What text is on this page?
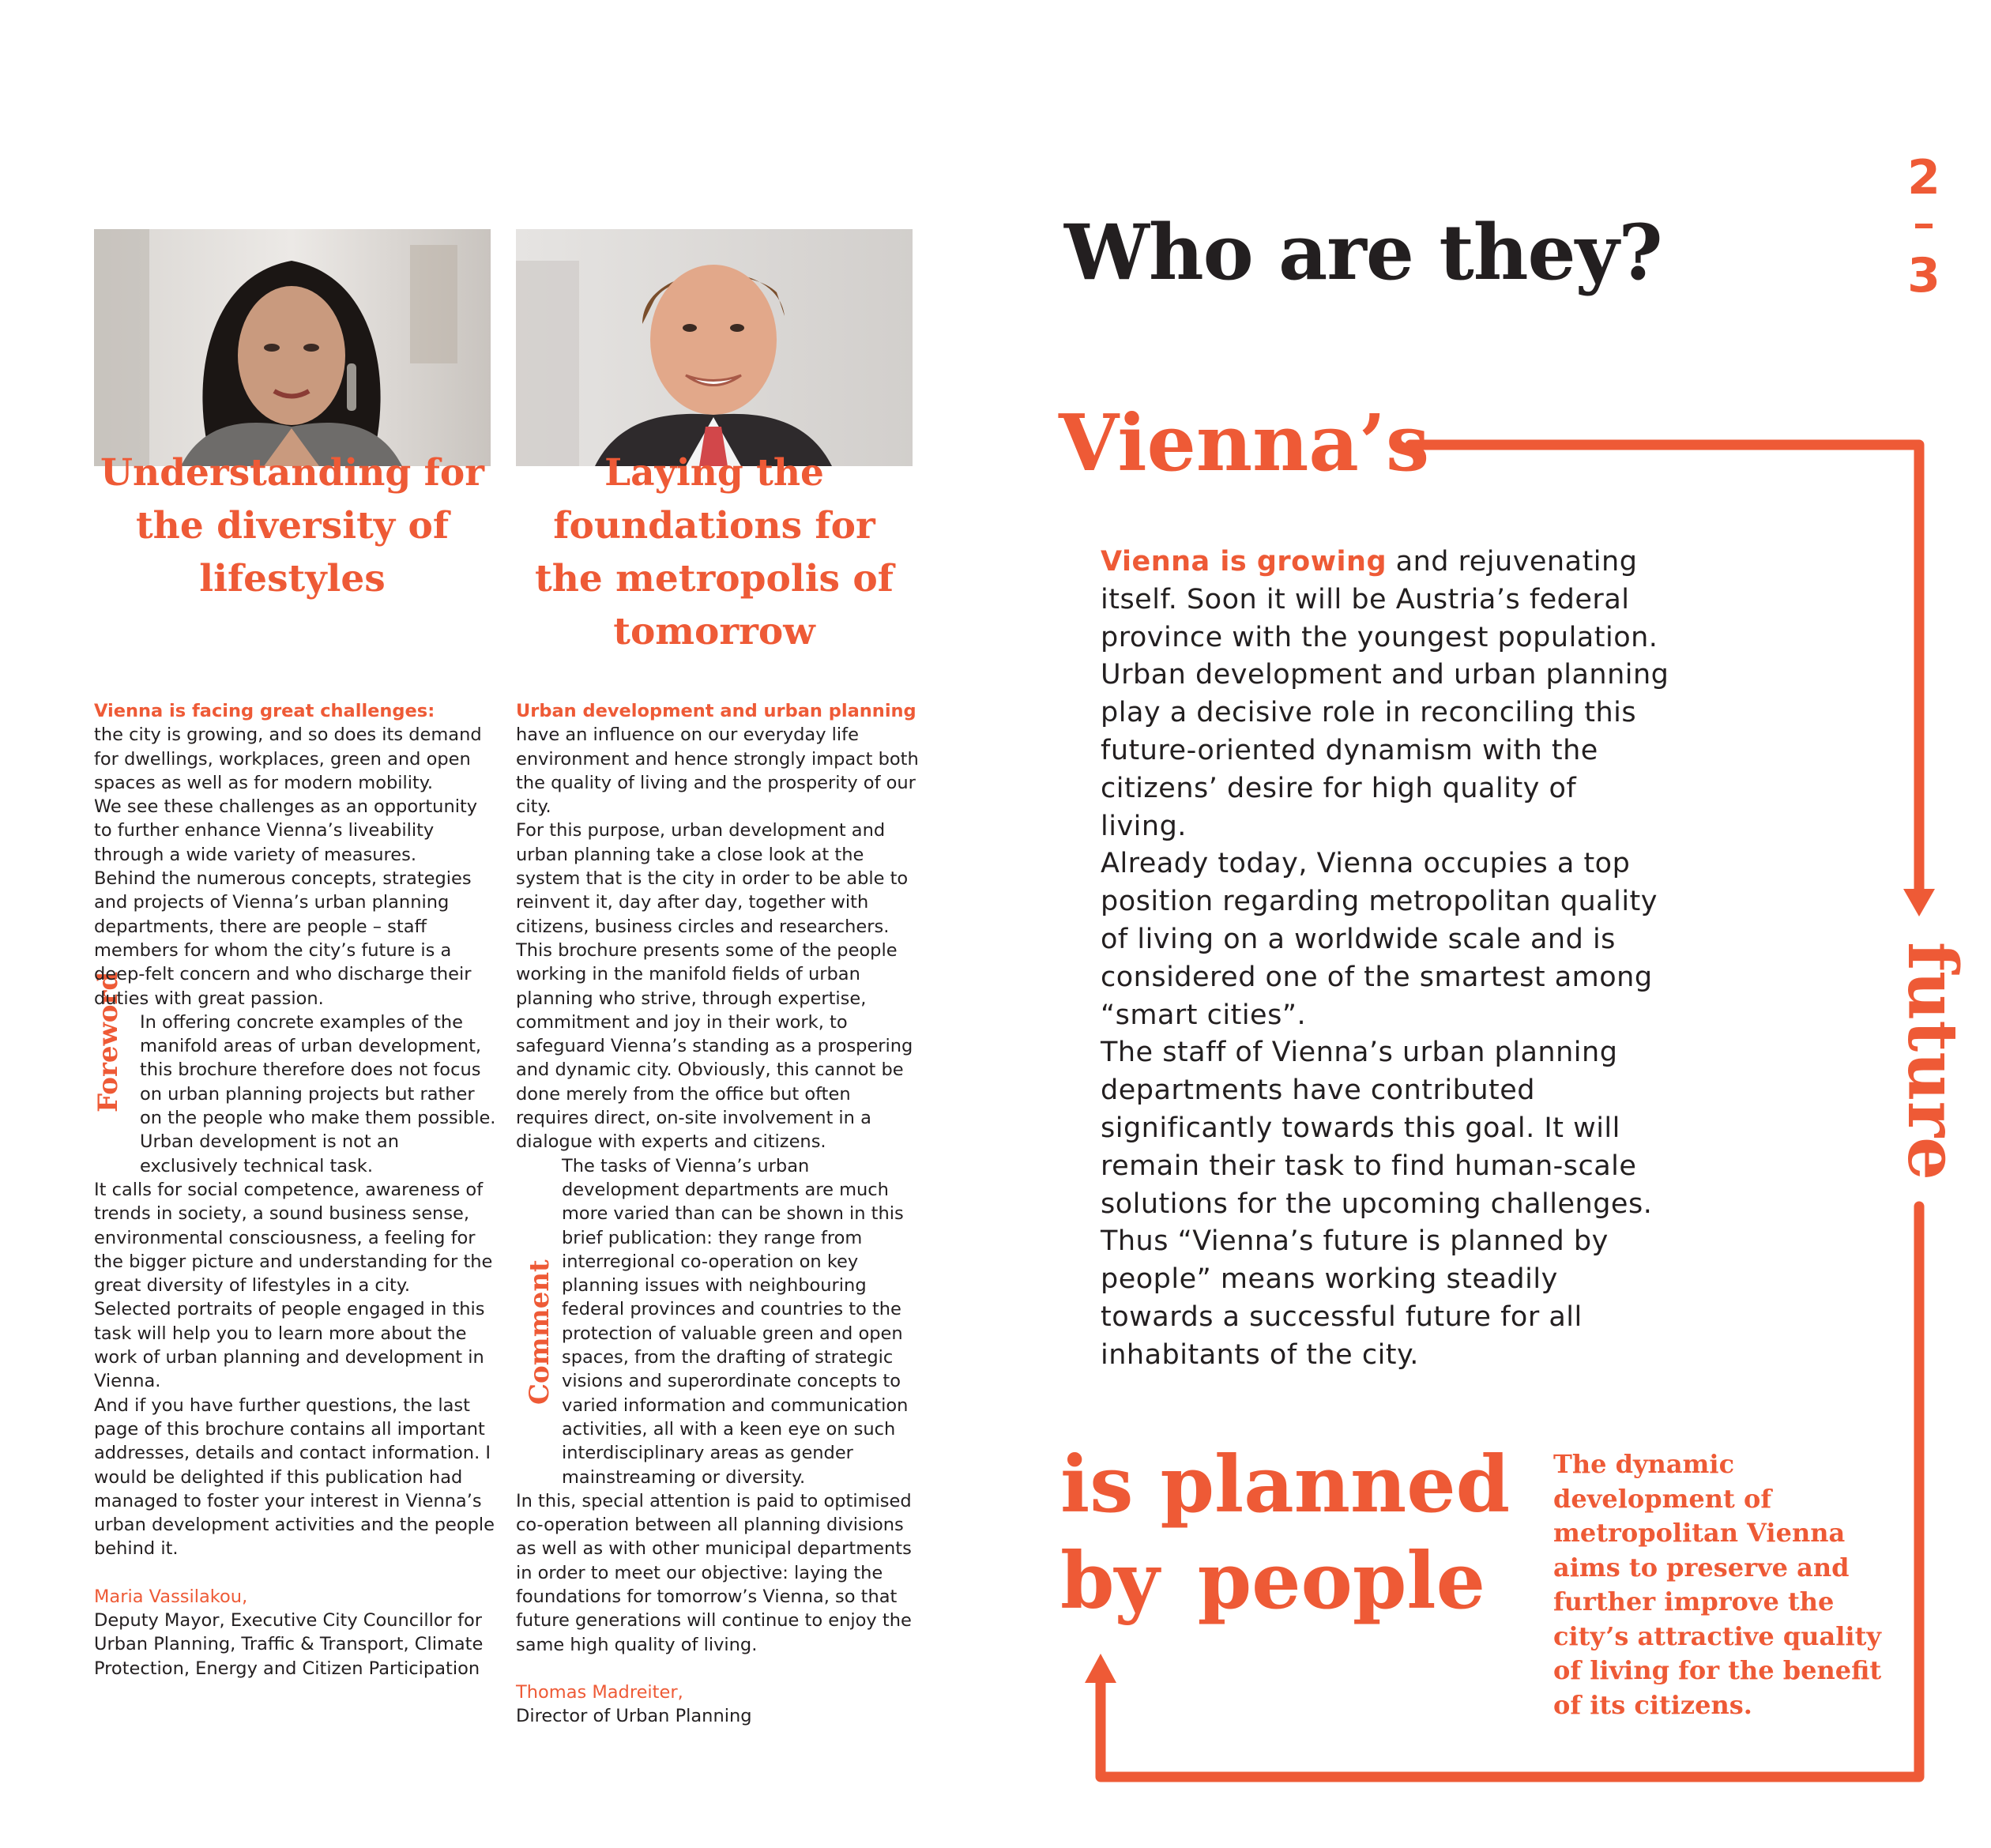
Understanding for the diversity of lifestyles
Laying the foundations for the metropolis of tomorrow
Foreword
Comment

Vienna is facing great challenges:

the city is growing, and so does its demand for dwellings, workplaces, green and open spaces as well as for modern mobility.

We see these challenges as an opportunity to further enhance Vienna’s liveability through a wide variety of measures.

Behind the numerous concepts, strategies and projects of Vienna’s urban planning departments, there are people – staff members for whom the city’s future is a deep-felt concern and who discharge their duties with great passion.

In offering concrete examples of the manifold areas of urban development, this brochure therefore does not focus on urban planning projects but rather on the people who make them possible. Urban development is not an exclusively technical task.

It calls for social competence, awareness of trends in society, a sound business sense, environmental consciousness, a feeling for the bigger picture and understanding for the great diversity of lifestyles in a city.

Selected portraits of people engaged in this task will help you to learn more about the work of urban planning and development in Vienna.

And if you have further questions, the last page of this brochure contains all important addresses, details and contact information. I would be delighted if this publication had managed to foster your interest in Vienna’s urban development activities and the people behind it.

Maria Vassilakou,

Deputy Mayor, Executive City Councillor for Urban Planning, Traffic & Transport, Climate Protection, Energy and Citizen Participation

Urban development and urban planning

have an influence on our everyday life environment and hence strongly impact both the quality of living and the prosperity of our city.

For this purpose, urban development and urban planning take a close look at the system that is the city in order to be able to reinvent it, day after day, together with citizens, business circles and researchers.

This brochure presents some of the people working in the manifold fields of urban planning who strive, through expertise, commitment and joy in their work, to safeguard Vienna’s standing as a prospering and dynamic city. Obviously, this cannot be done merely from the office but often requires direct, on-site involvement in a dialogue with experts and citizens.

The tasks of Vienna’s urban development departments are much more varied than can be shown in this brief publication: they range from interregional co-operation on key planning issues with neighbouring federal provinces and countries to the protection of valuable green and open spaces, from the drafting of strategic visions and superordinate concepts to varied information and communication activities, all with a keen eye on such interdisciplinary areas as gender mainstreaming or diversity.

In this, special attention is paid to optimised co-operation between all planning divisions as well as with other municipal departments in order to meet our objective: laying the foundations for tomorrow’s Vienna, so that future generations will continue to enjoy the same high quality of living.

Thomas Madreiter,

Director of Urban Planning

Who are they?
2
3
Vienna’s
future
is planned
by people

Vienna is growing and rejuvenating itself. Soon it will be Austria’s federal province with the youngest population. Urban development and urban planning play a decisive role in reconciling this future-oriented dynamism with the citizens’ desire for high quality of living.

Already today, Vienna occupies a top position regarding metropolitan quality of living on a worldwide scale and is considered one of the smartest among “smart cities”.

The staff of Vienna’s urban planning departments have contributed significantly towards this goal. It will remain their task to find human-scale solutions for the upcoming challenges.

Thus “Vienna’s future is planned by people” means working steadily towards a successful future for all inhabitants of the city.

The dynamic development of metropolitan Vienna aims to preserve and further improve the city’s attractive quality of living for the benefit of its citizens.
